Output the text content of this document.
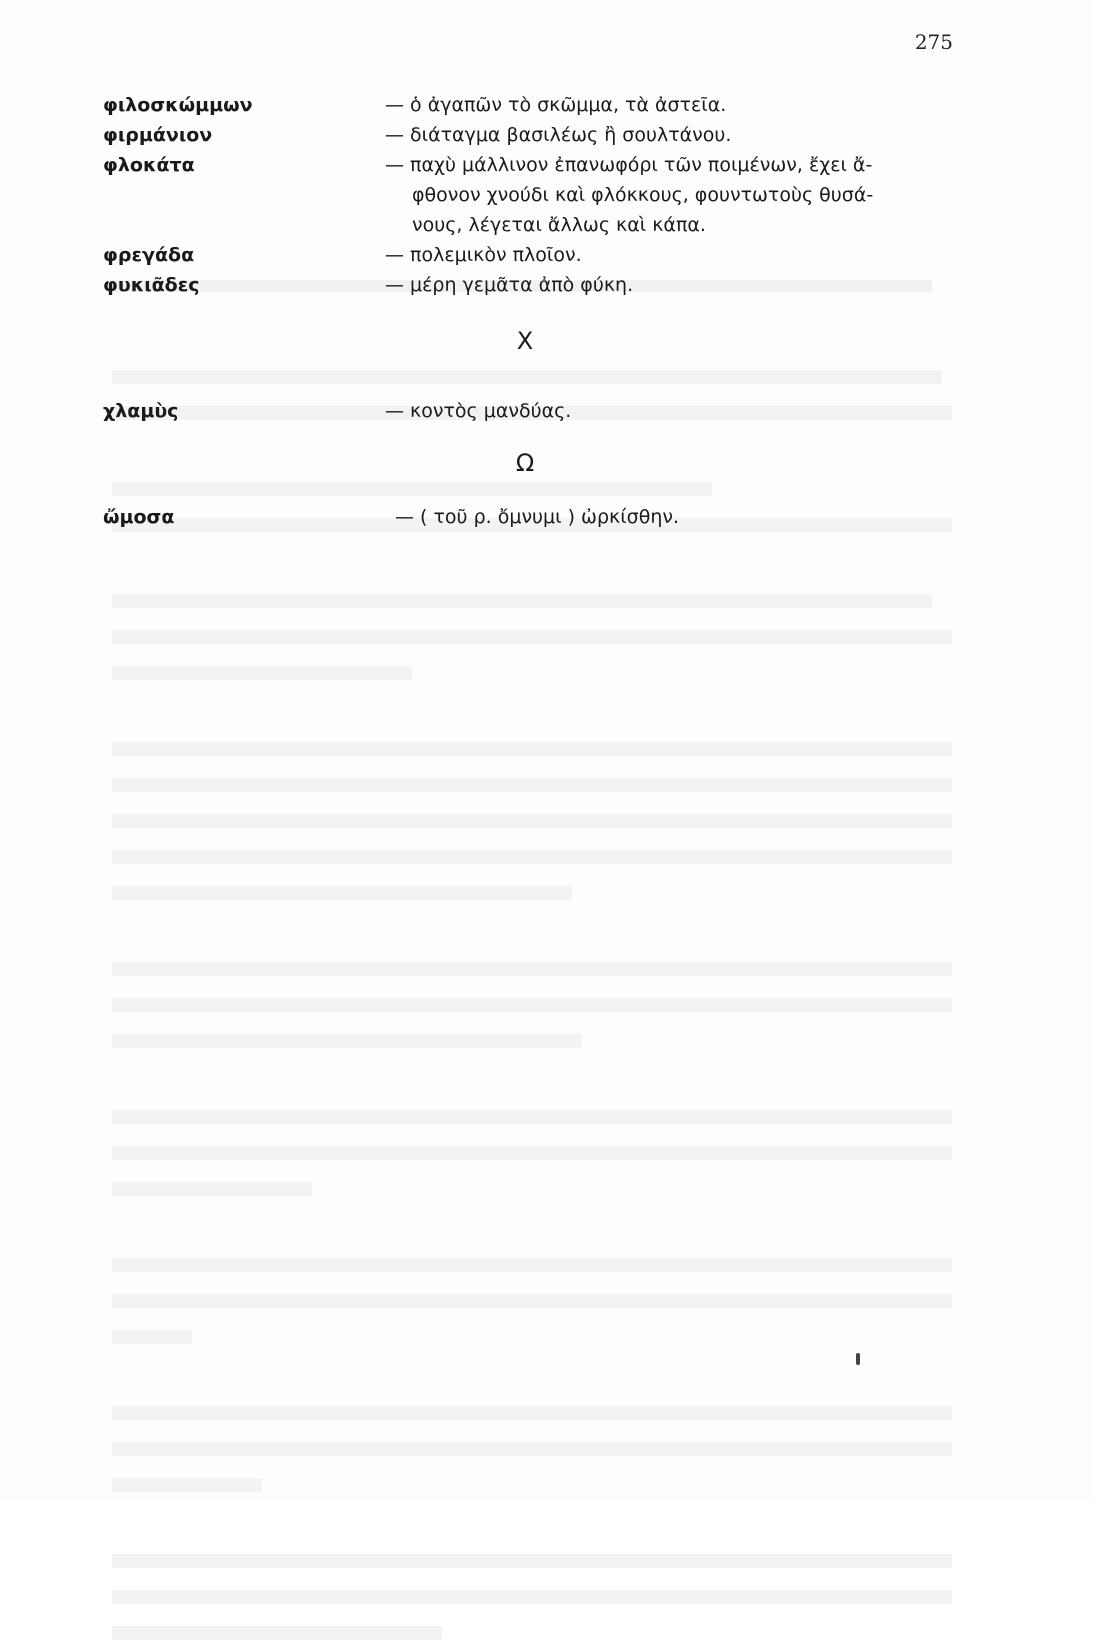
275
φιλοσκώμμων	— ὁ ἀγαπῶν τὸ σκῶμμα, τὰ ἀστεῖα.
φιρμάνιον	— διάταγμα βασιλέως ἢ σουλτάνου.
φλοκάτα	— παχὺ μάλλινον ἐπανωφόρι τῶν ποιμένων, ἔχει ἄ-
φθονον χνούδι καὶ φλόκκους, φουντωτοὺς θυσά-
νους, λέγεται ἄλλως καὶ κάπα.
φρεγάδα	— πολεμικὸν πλοῖον.
φυκιᾶδες	— μέρη γεμᾶτα ἀπὸ φύκη.
X
χλαμὺς	— κοντὸς μανδύας.
Ω
ὤμοσα	— ( τοῦ ρ. ὄμνυμι ) ὠρκίσθην.
